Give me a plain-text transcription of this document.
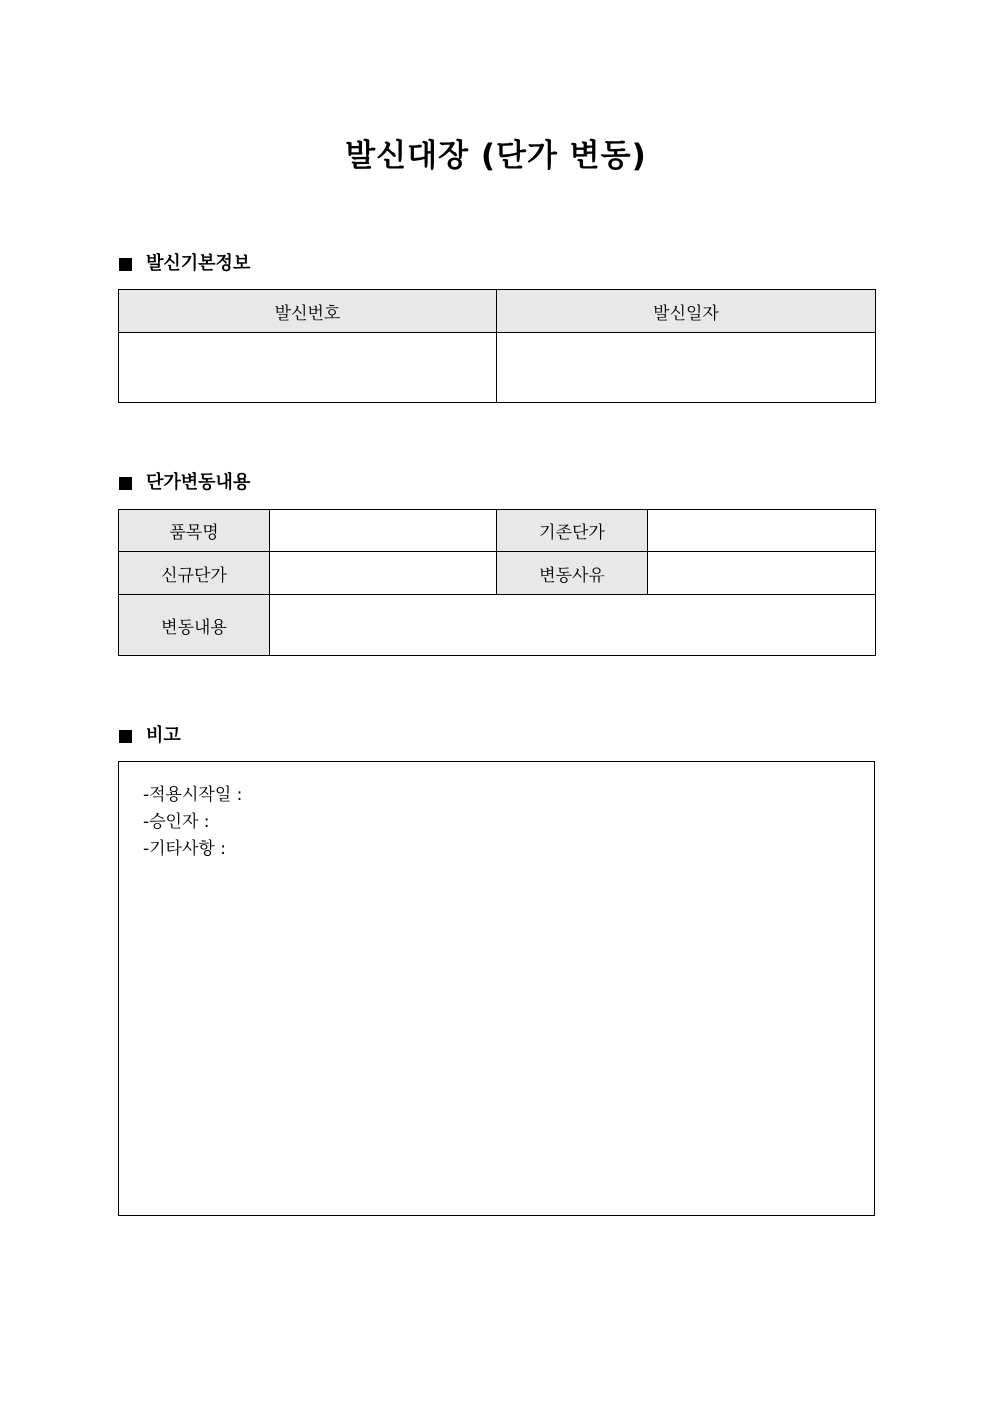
발신대장 (단가 변동)
발신기본정보
발신번호	발신일자

단가변동내용
품목명		기존단가	
신규단가		변동사유	
변동내용			
비고
-적용시작일 :
-승인자 :
-기타사항 :
